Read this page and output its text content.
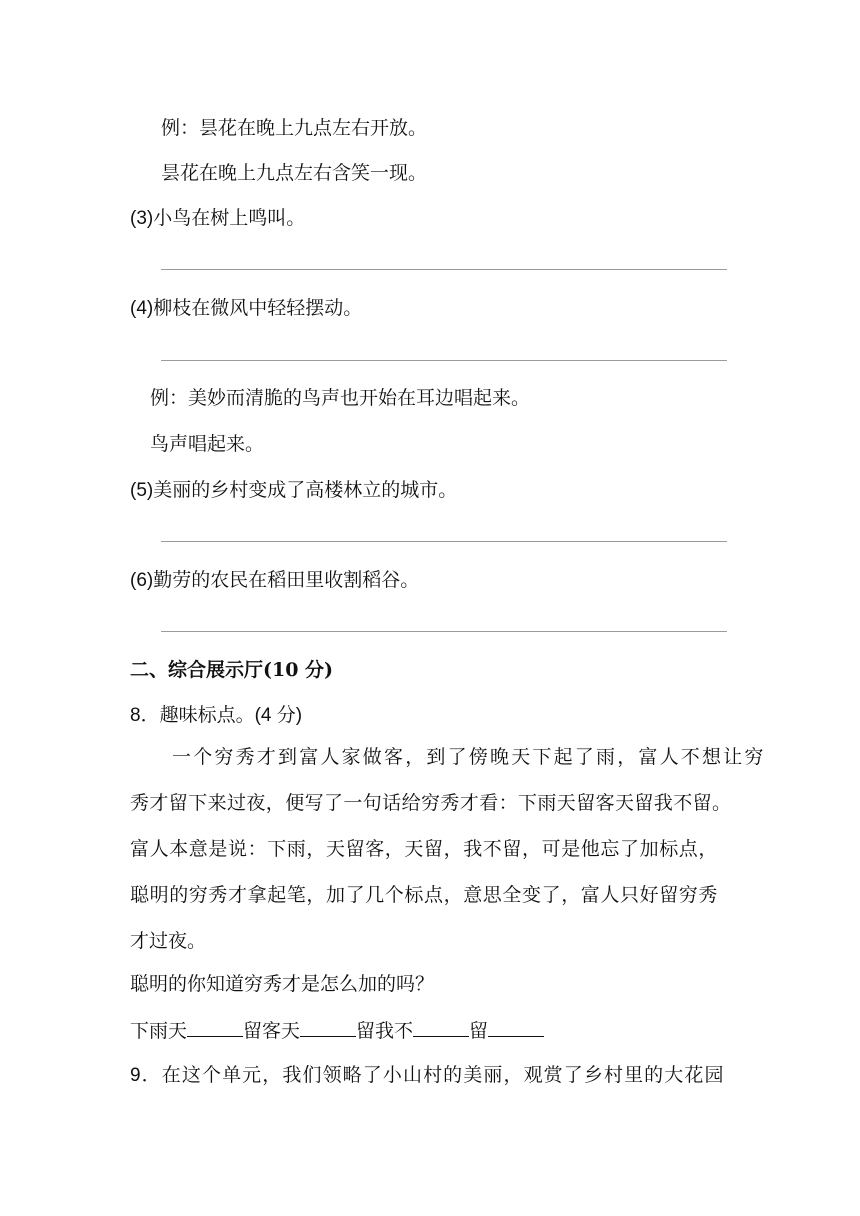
例：昙花在晚上九点左右开放。
昙花在晚上九点左右含笑一现。
(3)小鸟在树上鸣叫。
(4)柳枝在微风中轻轻摆动。
例：美妙而清脆的鸟声也开始在耳边唱起来。
鸟声唱起来。
(5)美丽的乡村变成了高楼林立的城市。
(6)勤劳的农民在稻田里收割稻谷。
二、综合展示厅(10 分)
8．趣味标点。(4 分)
一个穷秀才到富人家做客，到了傍晚天下起了雨，富人不想让穷
秀才留下来过夜，便写了一句话给穷秀才看：下雨天留客天留我不留。
富人本意是说：下雨，天留客，天留，我不留，可是他忘了加标点，
聪明的穷秀才拿起笔，加了几个标点，意思全变了，富人只好留穷秀
才过夜。
聪明的你知道穷秀才是怎么加的吗？
下雨天	留客天	留我不	留
9．在这个单元，我们领略了小山村的美丽，观赏了乡村里的大花园
